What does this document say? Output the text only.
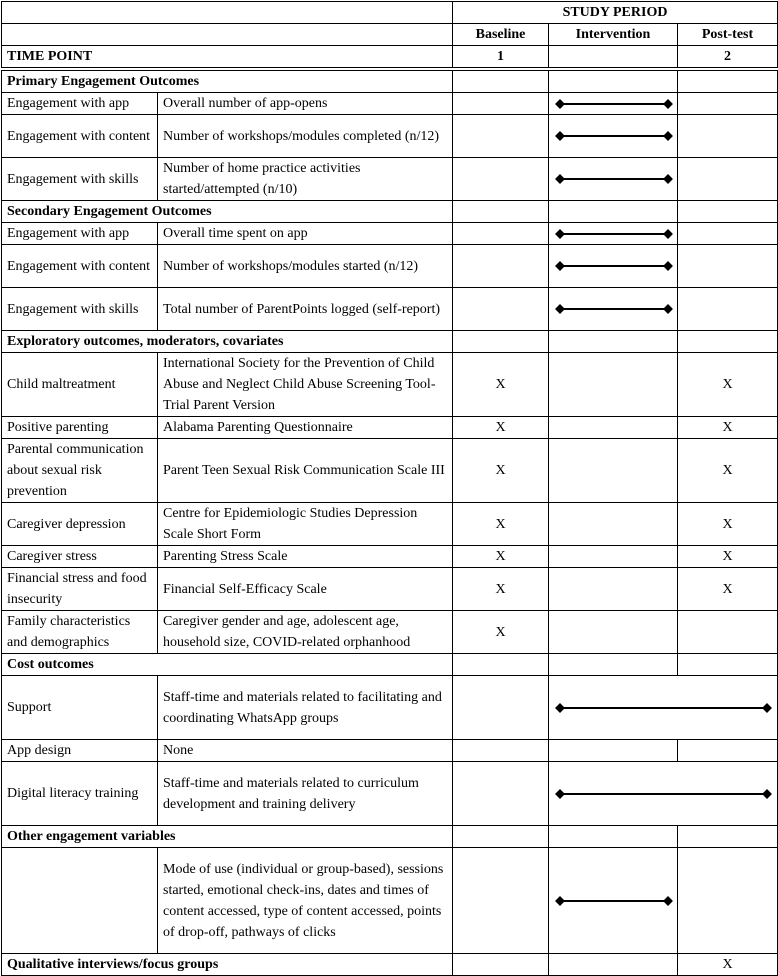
		STUDY PERIOD		
		Baseline	Intervention	Post-test
TIME POINT		1		2
Primary Engagement Outcomes				
Engagement with app	Overall number of app-opens		

Engagement with content	Number of workshops/modules completed (n/12)		

Engagement with skills	Number of home practice activities started/attempted (n/10)		

Secondary Engagement Outcomes				
Engagement with app	Overall time spent on app		

Engagement with content	Number of workshops/modules started (n/12)		

Engagement with skills	Total number of ParentPoints logged (self-report)		

Exploratory outcomes, moderators, covariates				
Child maltreatment	International Society for the Prevention of Child Abuse and Neglect Child Abuse Screening Tool-Trial Parent Version	X		X
Positive parenting	Alabama Parenting Questionnaire	X		X
Parental communication about sexual risk prevention	Parent Teen Sexual Risk Communication Scale III	X		X
Caregiver depression	Centre for Epidemiologic Studies Depression Scale Short Form	X		X
Caregiver stress	Parenting Stress Scale	X		X
Financial stress and food insecurity	Financial Self-Efficacy Scale	X		X
Family characteristics and demographics	Caregiver gender and age, adolescent age, household size, COVID-related orphanhood	X		
Cost outcomes				
Support	Staff-time and materials related to facilitating and coordinating WhatsApp groups			

App design	None			
Digital literacy training	Staff-time and materials related to curriculum development and training delivery			

Other engagement variables				
	Mode of use (individual or group-based), sessions started, emotional check-ins, dates and times of content accessed, type of content accessed, points of drop-off, pathways of clicks		

Qualitative interviews/focus groups				X
